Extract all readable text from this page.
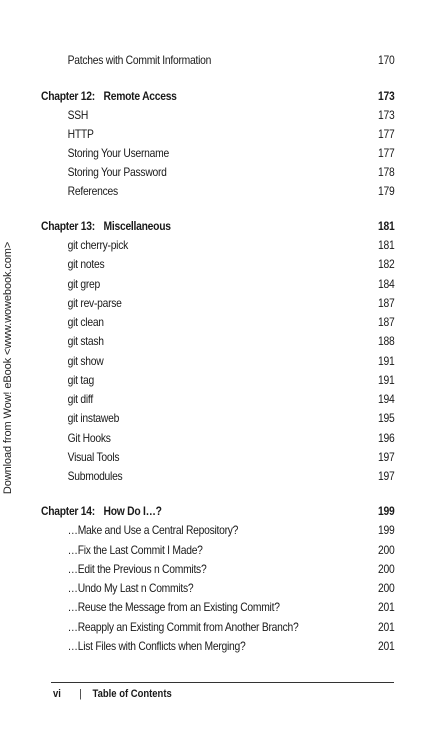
Download from Wow! eBook <www.wowebook.com>
Patches with Commit Information	170
Chapter 12: Remote Access	173
SSH	173
HTTP	177
Storing Your Username	177
Storing Your Password	178
References	179
Chapter 13: Miscellaneous	181
git cherry-pick	181
git notes	182
git grep	184
git rev-parse	187
git clean	187
git stash	188
git show	191
git tag	191
git diff	194
git instaweb	195
Git Hooks	196
Visual Tools	197
Submodules	197
Chapter 14: How Do I…?	199
…Make and Use a Central Repository?	199
…Fix the Last Commit I Made?	200
…Edit the Previous n Commits?	200
…Undo My Last n Commits?	200
…Reuse the Message from an Existing Commit?	201
…Reapply an Existing Commit from Another Branch?	201
…List Files with Conflicts when Merging?	201
vi | Table of Contents
